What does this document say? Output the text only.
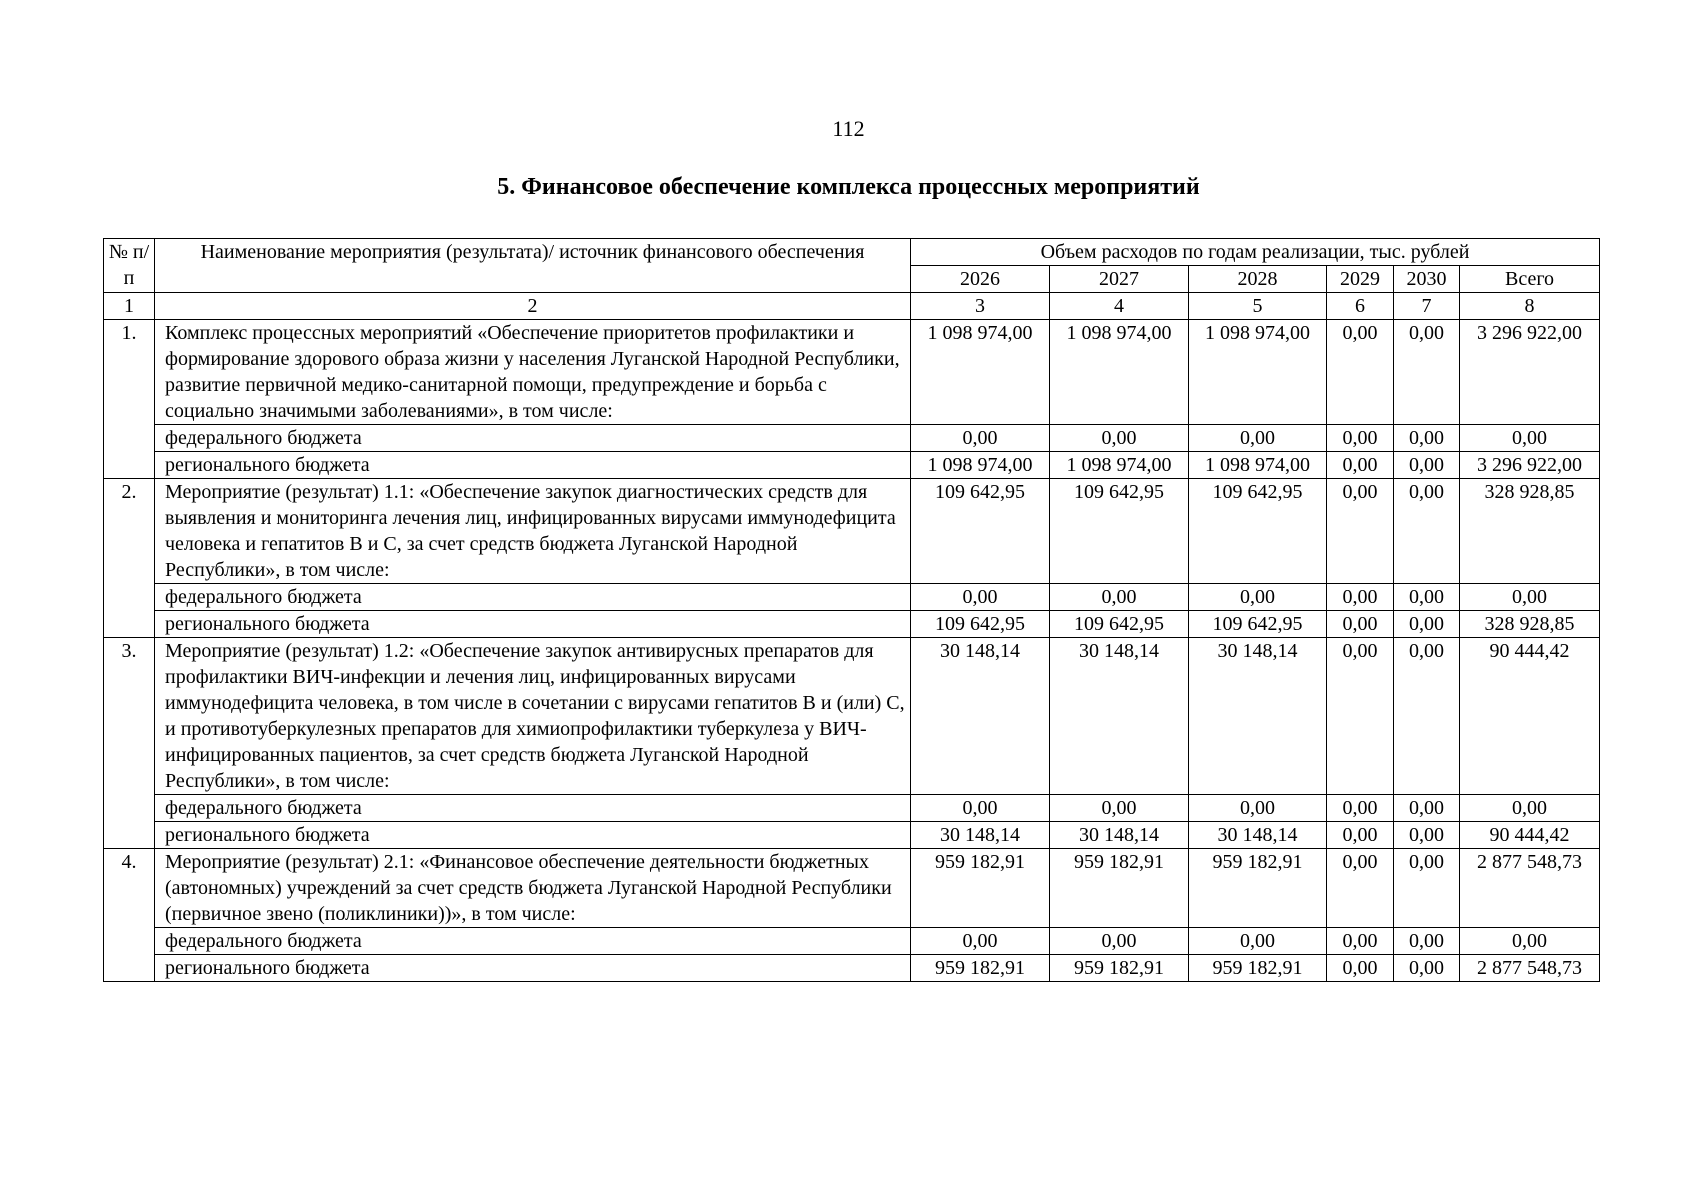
112
5. Финансовое обеспечение комплекса процессных мероприятий
№ п/п	Наименование мероприятия (результата)/ источник финансового обеспечения	Объем расходов по годам реализации, тыс. рублей					
		2026	2027	2028	2029	2030	Всего
1	2	3	4	5	6	7	8
1.	Комплекс процессных мероприятий «Обеспечение приоритетов профилактики и формирование здорового образа жизни у населения Луганской Народной Республики, развитие первичной медико-санитарной помощи, предупреждение и борьба с социально значимыми заболеваниями», в том числе:	1 098 974,00	1 098 974,00	1 098 974,00	0,00	0,00	3 296 922,00
	федерального бюджета	0,00	0,00	0,00	0,00	0,00	0,00
	регионального бюджета	1 098 974,00	1 098 974,00	1 098 974,00	0,00	0,00	3 296 922,00
2.	Мероприятие (результат) 1.1: «Обеспечение закупок диагностических средств для выявления и мониторинга лечения лиц, инфицированных вирусами иммунодефицита человека и гепатитов B и C, за счет средств бюджета Луганской Народной Республики», в том числе:	109 642,95	109 642,95	109 642,95	0,00	0,00	328 928,85
	федерального бюджета	0,00	0,00	0,00	0,00	0,00	0,00
	регионального бюджета	109 642,95	109 642,95	109 642,95	0,00	0,00	328 928,85
3.	Мероприятие (результат) 1.2: «Обеспечение закупок антивирусных препаратов для профилактики ВИЧ-инфекции и лечения лиц, инфицированных вирусами иммунодефицита человека, в том числе в сочетании с вирусами гепатитов B и (или) C, и противотуберкулезных препаратов для химиопрофилактики туберкулеза у ВИЧ-инфицированных пациентов, за счет средств бюджета Луганской Народной Республики», в том числе:	30 148,14	30 148,14	30 148,14	0,00	0,00	90 444,42
	федерального бюджета	0,00	0,00	0,00	0,00	0,00	0,00
	регионального бюджета	30 148,14	30 148,14	30 148,14	0,00	0,00	90 444,42
4.	Мероприятие (результат) 2.1: «Финансовое обеспечение деятельности бюджетных (автономных) учреждений за счет средств бюджета Луганской Народной Республики (первичное звено (поликлиники))», в том числе:	959 182,91	959 182,91	959 182,91	0,00	0,00	2 877 548,73
	федерального бюджета	0,00	0,00	0,00	0,00	0,00	0,00
	регионального бюджета	959 182,91	959 182,91	959 182,91	0,00	0,00	2 877 548,73
